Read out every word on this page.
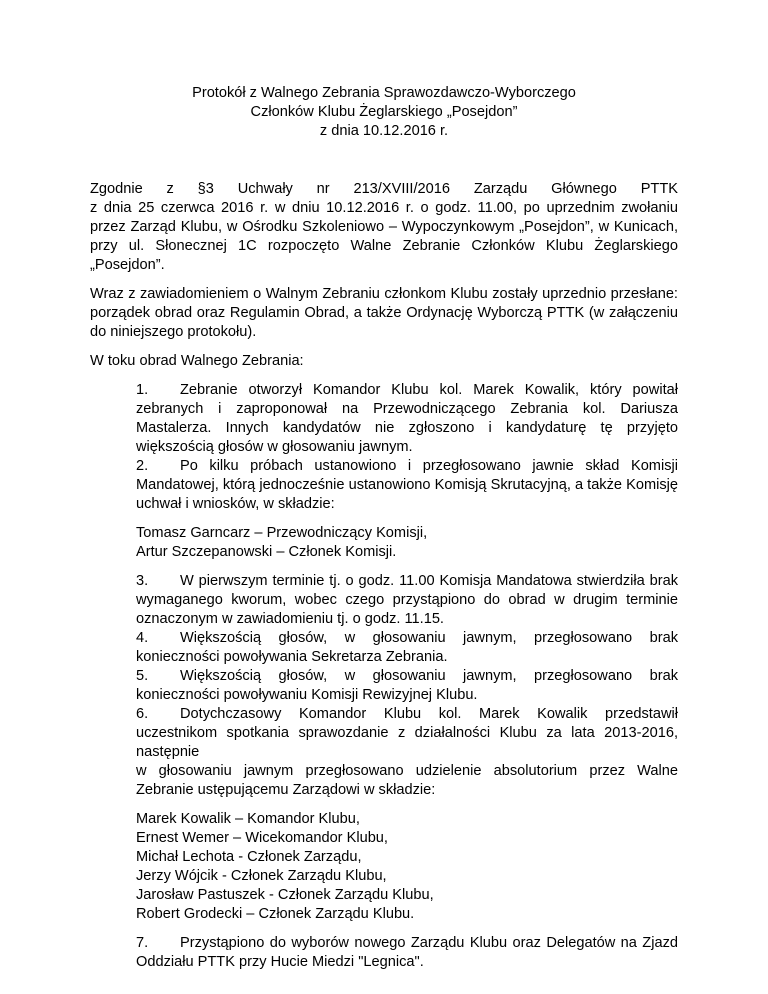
Protokół z Walnego Zebrania Sprawozdawczo-Wyborczego
Członków Klubu Żeglarskiego „Posejdon”
z dnia 10.12.2016 r.

Zgodnie z §3 Uchwały nr 213/XVIII/2016 Zarządu Głównego PTTK

z dnia 25 czerwca 2016 r. w dniu 10.12.2016 r. o godz. 11.00, po uprzednim zwołaniu przez Zarząd Klubu, w Ośrodku Szkoleniowo – Wypoczynkowym „Posejdon”, w Kunicach, przy ul. Słonecznej 1C rozpoczęto Walne Zebranie Członków Klubu Żeglarskiego „Posejdon”.

Wraz z zawiadomieniem o Walnym Zebraniu członkom Klubu zostały uprzednio przesłane: porządek obrad oraz Regulamin Obrad, a także Ordynację Wyborczą PTTK (w załączeniu do niniejszego protokołu).

W toku obrad Walnego Zebrania:

1. Zebranie otworzył Komandor Klubu kol. Marek Kowalik, który powitał zebranych i zaproponował na Przewodniczącego Zebrania kol. Dariusza Mastalerza. Innych kandydatów nie zgłoszono i kandydaturę tę przyjęto większością głosów w głosowaniu jawnym.
2. Po kilku próbach ustanowiono i przegłosowano jawnie skład Komisji Mandatowej, którą jednocześnie ustanowiono Komisją Skrutacyjną, a także Komisję uchwał i wniosków, w składzie:
Tomasz Garncarz – Przewodniczący Komisji,
Artur Szczepanowski – Członek Komisji.
3. W pierwszym terminie tj. o godz. 11.00 Komisja Mandatowa stwierdziła brak wymaganego kworum, wobec czego przystąpiono do obrad w drugim terminie oznaczonym w zawiadomieniu tj. o godz. 11.15.
4. Większością głosów, w głosowaniu jawnym, przegłosowano brak konieczności powoływania Sekretarza Zebrania.
5. Większością głosów, w głosowaniu jawnym, przegłosowano brak konieczności powoływaniu Komisji Rewizyjnej Klubu.
6. Dotychczasowy Komandor Klubu kol. Marek Kowalik przedstawił uczestnikom spotkania sprawozdanie z działalności Klubu za lata 2013-2016, następnie
w głosowaniu jawnym przegłosowano udzielenie absolutorium przez Walne Zebranie ustępującemu Zarządowi w składzie:
Marek Kowalik – Komandor Klubu,
Ernest Wemer – Wicekomandor Klubu,
Michał Lechota - Członek Zarządu,
Jerzy Wójcik - Członek Zarządu Klubu,
Jarosław Pastuszek - Członek Zarządu Klubu,
Robert Grodecki – Członek Zarządu Klubu.
7. Przystąpiono do wyborów nowego Zarządu Klubu oraz Delegatów na Zjazd Oddziału PTTK przy Hucie Miedzi "Legnica".
